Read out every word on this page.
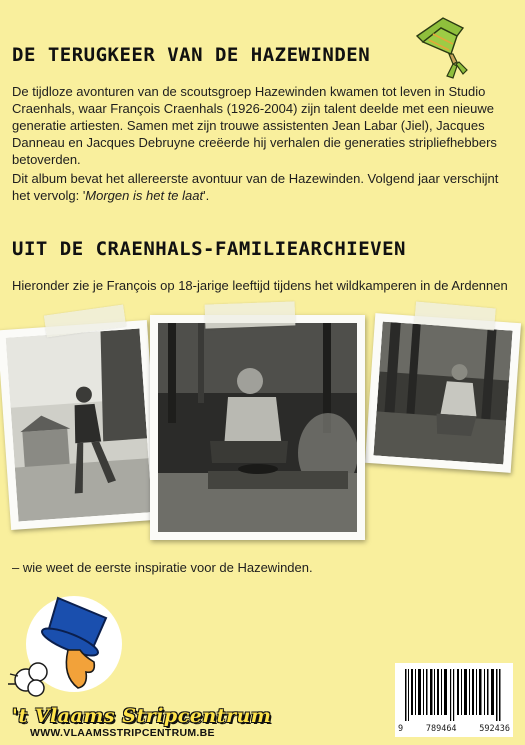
DE TERUGKEER VAN DE HAZEWINDEN

De tijdloze avonturen van de scoutsgroep Hazewinden kwamen tot leven in Studio Craenhals, waar François Craenhals (1926-2004) zijn talent deelde met een nieuwe generatie artiesten. Samen met zijn trouwe assistenten Jean Labar (Jiel), Jacques Danneau en Jacques Debruyne creëerde hij verhalen die generaties stripliefhebbers betoverden.

Dit album bevat het allereerste avontuur van de Hazewinden. Volgend jaar verschijnt het vervolg: 'Morgen is het te laat'.

UIT DE CRAENHALS-FAMILIEARCHIEVEN

Hieronder zie je François op 18-jarige leeftijd tijdens het wildkamperen in de Ardennen

– wie weet de eerste inspiratie voor de Hazewinden.

't Vlaams Stripcentrum
WWW.VLAAMSSTRIPCENTRUM.BE	9	789464	592436
